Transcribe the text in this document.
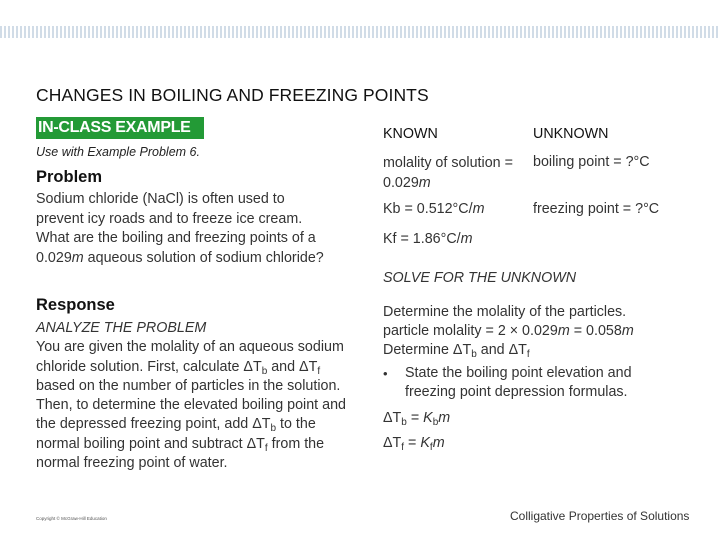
CHANGES IN BOILING AND FREEZING POINTS
IN-CLASS EXAMPLE
Use with Example Problem 6.
Problem
Sodium chloride (NaCl) is often used to prevent icy roads and to freeze ice cream. What are the boiling and freezing points of a 0.029m aqueous solution of sodium chloride?
Response
ANALYZE THE PROBLEM
You are given the molality of an aqueous sodium chloride solution. First, calculate $\Delta T_b$ and $\Delta T_f$ based on the number of particles in the solution. Then, to determine the elevated boiling point and the depressed freezing point, add $\Delta T_b$ to the normal boiling point and subtract $\Delta T_f$ from the normal freezing point of water.
Copyright © McGraw-Hill Education
KNOWN	UNKNOWN
molality of solution = 0.029m
Kb = 0.512°C/m
Kf = 1.86°C/m
boiling point = ?°C
freezing point = ?°C
SOLVE FOR THE UNKNOWN
Determine the molality of the particles.
particle molality = 2 × 0.029m = 0.058m
Determine $\Delta T_b$ and $\Delta T_f$
•	State the boiling point elevation and freezing point depression formulas.
$\Delta T_b = K_bm$
$\Delta T_f = K_fm$
Colligative Properties of Solutions
